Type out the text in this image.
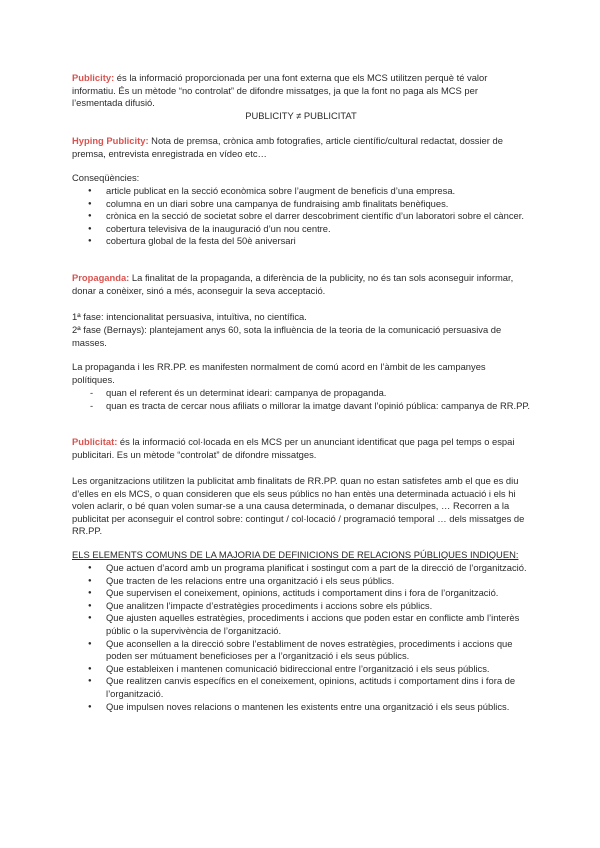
Publicity: és la informació proporcionada per una font externa que els MCS utilitzen perquè té valor informatiu. És un mètode “no controlat” de difondre missatges, ja que la font no paga als MCS per l’esmentada difusió.
PUBLICITY ≠ PUBLICITAT
Hyping Publicity: Nota de premsa, crònica amb fotografies, article científic/cultural redactat, dossier de premsa, entrevista enregistrada en vídeo etc…
Conseqüències:
● article publicat en la secció econòmica sobre l’augment de beneficis d’una empresa.
● columna en un diari sobre una campanya de fundraising amb finalitats benèfiques.
● crònica en la secció de societat sobre el darrer descobriment científic d’un laboratori sobre el càncer.
● cobertura televisiva de la inauguració d’un nou centre.
● cobertura global de la festa del 50è aniversari
Propaganda: La finalitat de la propaganda, a diferència de la publicity, no és tan sols aconseguir informar, donar a conèixer, sinó a més, aconseguir la seva acceptació.
1ª fase: intencionalitat persuasiva, intuïtiva, no científica.
2ª fase (Bernays): plantejament anys 60, sota la influència de la teoria de la comunicació persuasiva de masses.
La propaganda i les RR.PP. es manifesten normalment de comú acord en l’àmbit de les campanyes polítiques.
- quan el referent és un determinat ideari: campanya de propaganda.
- quan es tracta de cercar nous afiliats o millorar la imatge davant l’opinió pública: campanya de RR.PP.
Publicitat: és la informació col·locada en els MCS per un anunciant identificat que paga pel temps o espai publicitari. Es un mètode “controlat” de difondre missatges.
Les organitzacions utilitzen la publicitat amb finalitats de RR.PP. quan no estan satisfetes amb el que es diu d’elles en els MCS, o quan consideren que els seus públics no han entès una determinada actuació i els hi volen aclarir, o bé quan volen sumar-se a una causa determinada, o demanar disculpes, … Recorren a la publicitat per aconseguir el control sobre: contingut / col·locació / programació temporal … dels missatges de RR.PP.
ELS ELEMENTS COMUNS DE LA MAJORIA DE DEFINICIONS DE RELACIONS PÚBLIQUES INDIQUEN:
● Que actuen d’acord amb un programa planificat i sostingut com a part de la direcció de l’organització.
● Que tracten de les relacions entre una organització i els seus públics.
● Que supervisen el coneixement, opinions, actituds i comportament dins i fora de l’organització.
● Que analitzen l’impacte d’estratègies procediments i accions sobre els públics.
● Que ajusten aquelles estratègies, procediments i accions que poden estar en conflicte amb l’interès públic o la supervivència de l’organització.
● Que aconsellen a la direcció sobre l’establiment de noves estratègies, procediments i accions que poden ser mútuament beneficioses per a l’organització i els seus públics.
● Que estableixen i mantenen comunicació bidireccional entre l’organització i els seus públics.
● Que realitzen canvis específics en el coneixement, opinions, actituds i comportament dins i fora de l’organització.
● Que impulsen noves relacions o mantenen les existents entre una organització i els seus públics.
